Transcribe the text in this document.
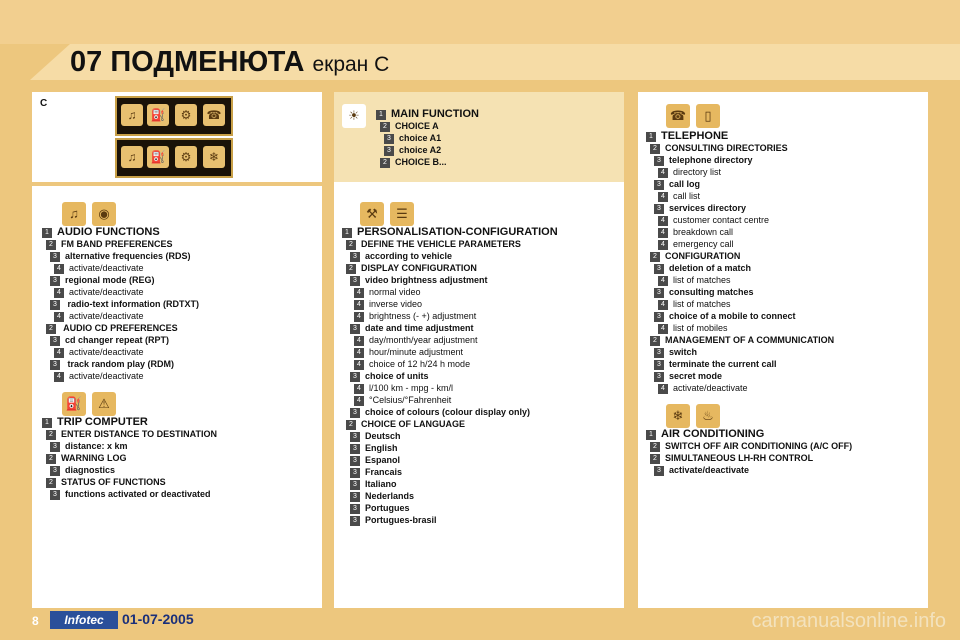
07 ПОДМЕНЮТА екран C
C
♫	⛽	⚙	☎
♫	⛽	⚙	❄
♫ ◉
⛽ ⚠
☀
⚒ ☰
☎ ▯
❄ ♨
1 MAIN FUNCTION
2 CHOICE A
3 choice A1
3 choice A2
2 CHOICE B...
1 AUDIO FUNCTIONS
2 FM BAND PREFERENCES
3 alternative frequencies (RDS)
4 activate/deactivate
3 regional mode (REG)
4 activate/deactivate
3 radio-text information (RDTXT)
4 activate/deactivate
2 AUDIO CD PREFERENCES
3 cd changer repeat (RPT)
4 activate/deactivate
3 track random play (RDM)
4 activate/deactivate
1 TRIP COMPUTER
2 ENTER DISTANCE TO DESTINATION
3 distance: x km
2 WARNING LOG
3 diagnostics
2 STATUS OF FUNCTIONS
3 functions activated or deactivated
1 PERSONALISATION-CONFIGURATION
2 DEFINE THE VEHICLE PARAMETERS
3 according to vehicle
2 DISPLAY CONFIGURATION
3 video brightness adjustment
4 normal video
4 inverse video
4 brightness (- +) adjustment
3 date and time adjustment
4 day/month/year adjustment
4 hour/minute adjustment
4 choice of 12 h/24 h mode
3 choice of units
4 l/100 km - mpg - km/l
4 °Celsius/°Fahrenheit
3 choice of colours (colour display only)
2 CHOICE OF LANGUAGE
3 Deutsch
3 English
3 Espanol
3 Francais
3 Italiano
3 Nederlands
3 Portugues
3 Portugues-brasil
1 TELEPHONE
2 CONSULTING DIRECTORIES
3 telephone directory
4 directory list
3 call log
4 call list
3 services directory
4 customer contact centre
4 breakdown call
4 emergency call
2 CONFIGURATION
3 deletion of a match
4 list of matches
3 consulting matches
4 list of matches
3 choice of a mobile to connect
4 list of mobiles
2 MANAGEMENT OF A COMMUNICATION
3 switch
3 terminate the current call
3 secret mode
4 activate/deactivate
1 AIR CONDITIONING
2 SWITCH OFF AIR CONDITIONING (A/C OFF)
2 SIMULTANEOUS LH-RH CONTROL
3 activate/deactivate
8	Infotec	01-07-2005	carmanualsonline.info
